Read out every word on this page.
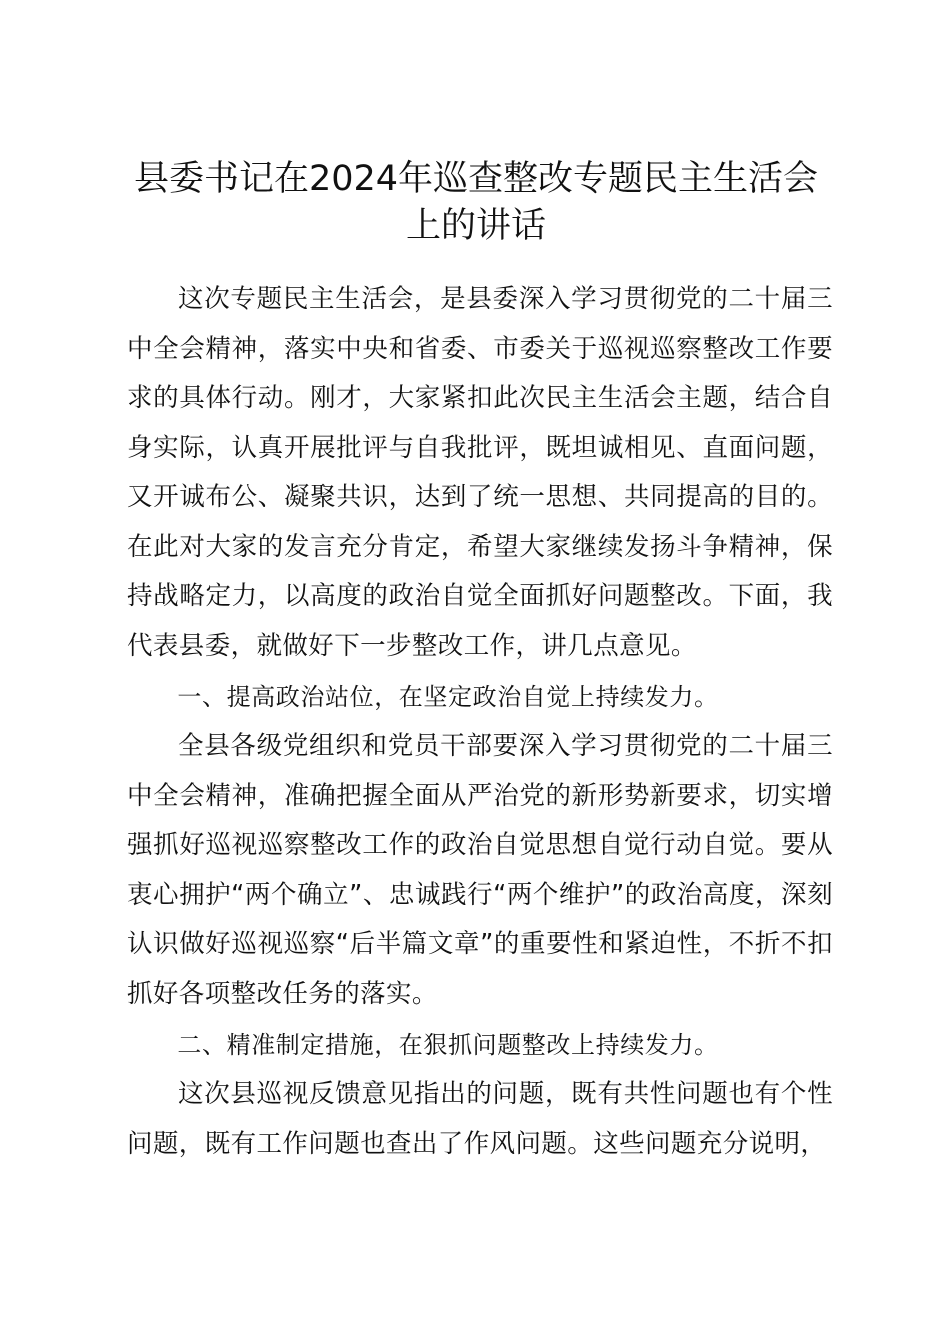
县委书记在2024年巡查整改专题民主生活会上的讲话

这次专题民主生活会，是县委深入学习贯彻党的二十届三中全会精神，落实中央和省委、市委关于巡视巡察整改工作要求的具体行动。刚才，大家紧扣此次民主生活会主题，结合自身实际，认真开展批评与自我批评，既坦诚相见、直面问题，又开诚布公、凝聚共识，达到了统一思想、共同提高的目的。在此对大家的发言充分肯定，希望大家继续发扬斗争精神，保持战略定力，以高度的政治自觉全面抓好问题整改。下面，我代表县委，就做好下一步整改工作，讲几点意见。

一、提高政治站位，在坚定政治自觉上持续发力。

全县各级党组织和党员干部要深入学习贯彻党的二十届三中全会精神，准确把握全面从严治党的新形势新要求，切实增强抓好巡视巡察整改工作的政治自觉思想自觉行动自觉。要从衷心拥护“两个确立”、忠诚践行“两个维护”的政治高度，深刻认识做好巡视巡察“后半篇文章”的重要性和紧迫性，不折不扣抓好各项整改任务的落实。

二、精准制定措施，在狠抓问题整改上持续发力。

这次县巡视反馈意见指出的问题，既有共性问题也有个性问题，既有工作问题也查出了作风问题。这些问题充分说明，
